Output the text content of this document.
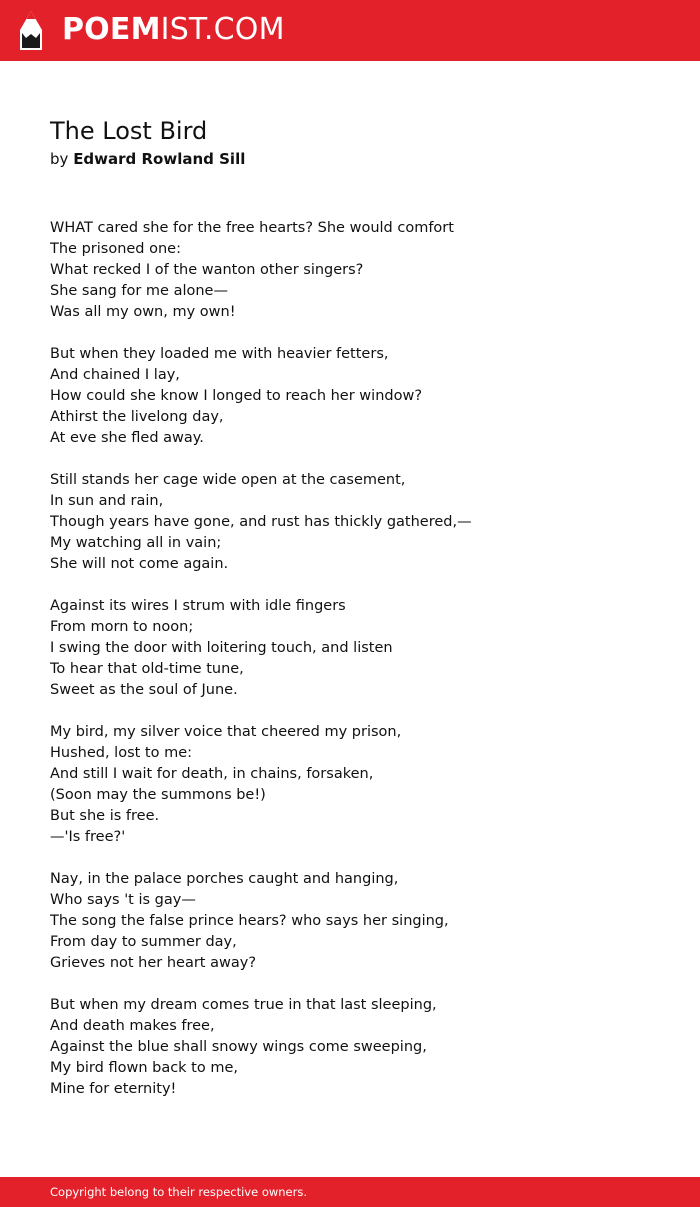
POEMIST.COM
The Lost Bird
by Edward Rowland Sill
WHAT cared she for the free hearts? She would comfort
The prisoned one:
What recked I of the wanton other singers?
She sang for me alone—
Was all my own, my own!
But when they loaded me with heavier fetters,
And chained I lay,
How could she know I longed to reach her window?
Athirst the livelong day,
At eve she fled away.
Still stands her cage wide open at the casement,
In sun and rain,
Though years have gone, and rust has thickly gathered,—
My watching all in vain;
She will not come again.
Against its wires I strum with idle fingers
From morn to noon;
I swing the door with loitering touch, and listen
To hear that old-time tune,
Sweet as the soul of June.
My bird, my silver voice that cheered my prison,
Hushed, lost to me:
And still I wait for death, in chains, forsaken,
(Soon may the summons be!)
But she is free.
—'Is free?'
Nay, in the palace porches caught and hanging,
Who says 't is gay—
The song the false prince hears? who says her singing,
From day to summer day,
Grieves not her heart away?
But when my dream comes true in that last sleeping,
And death makes free,
Against the blue shall snowy wings come sweeping,
My bird flown back to me,
Mine for eternity!
Copyright belong to their respective owners.
